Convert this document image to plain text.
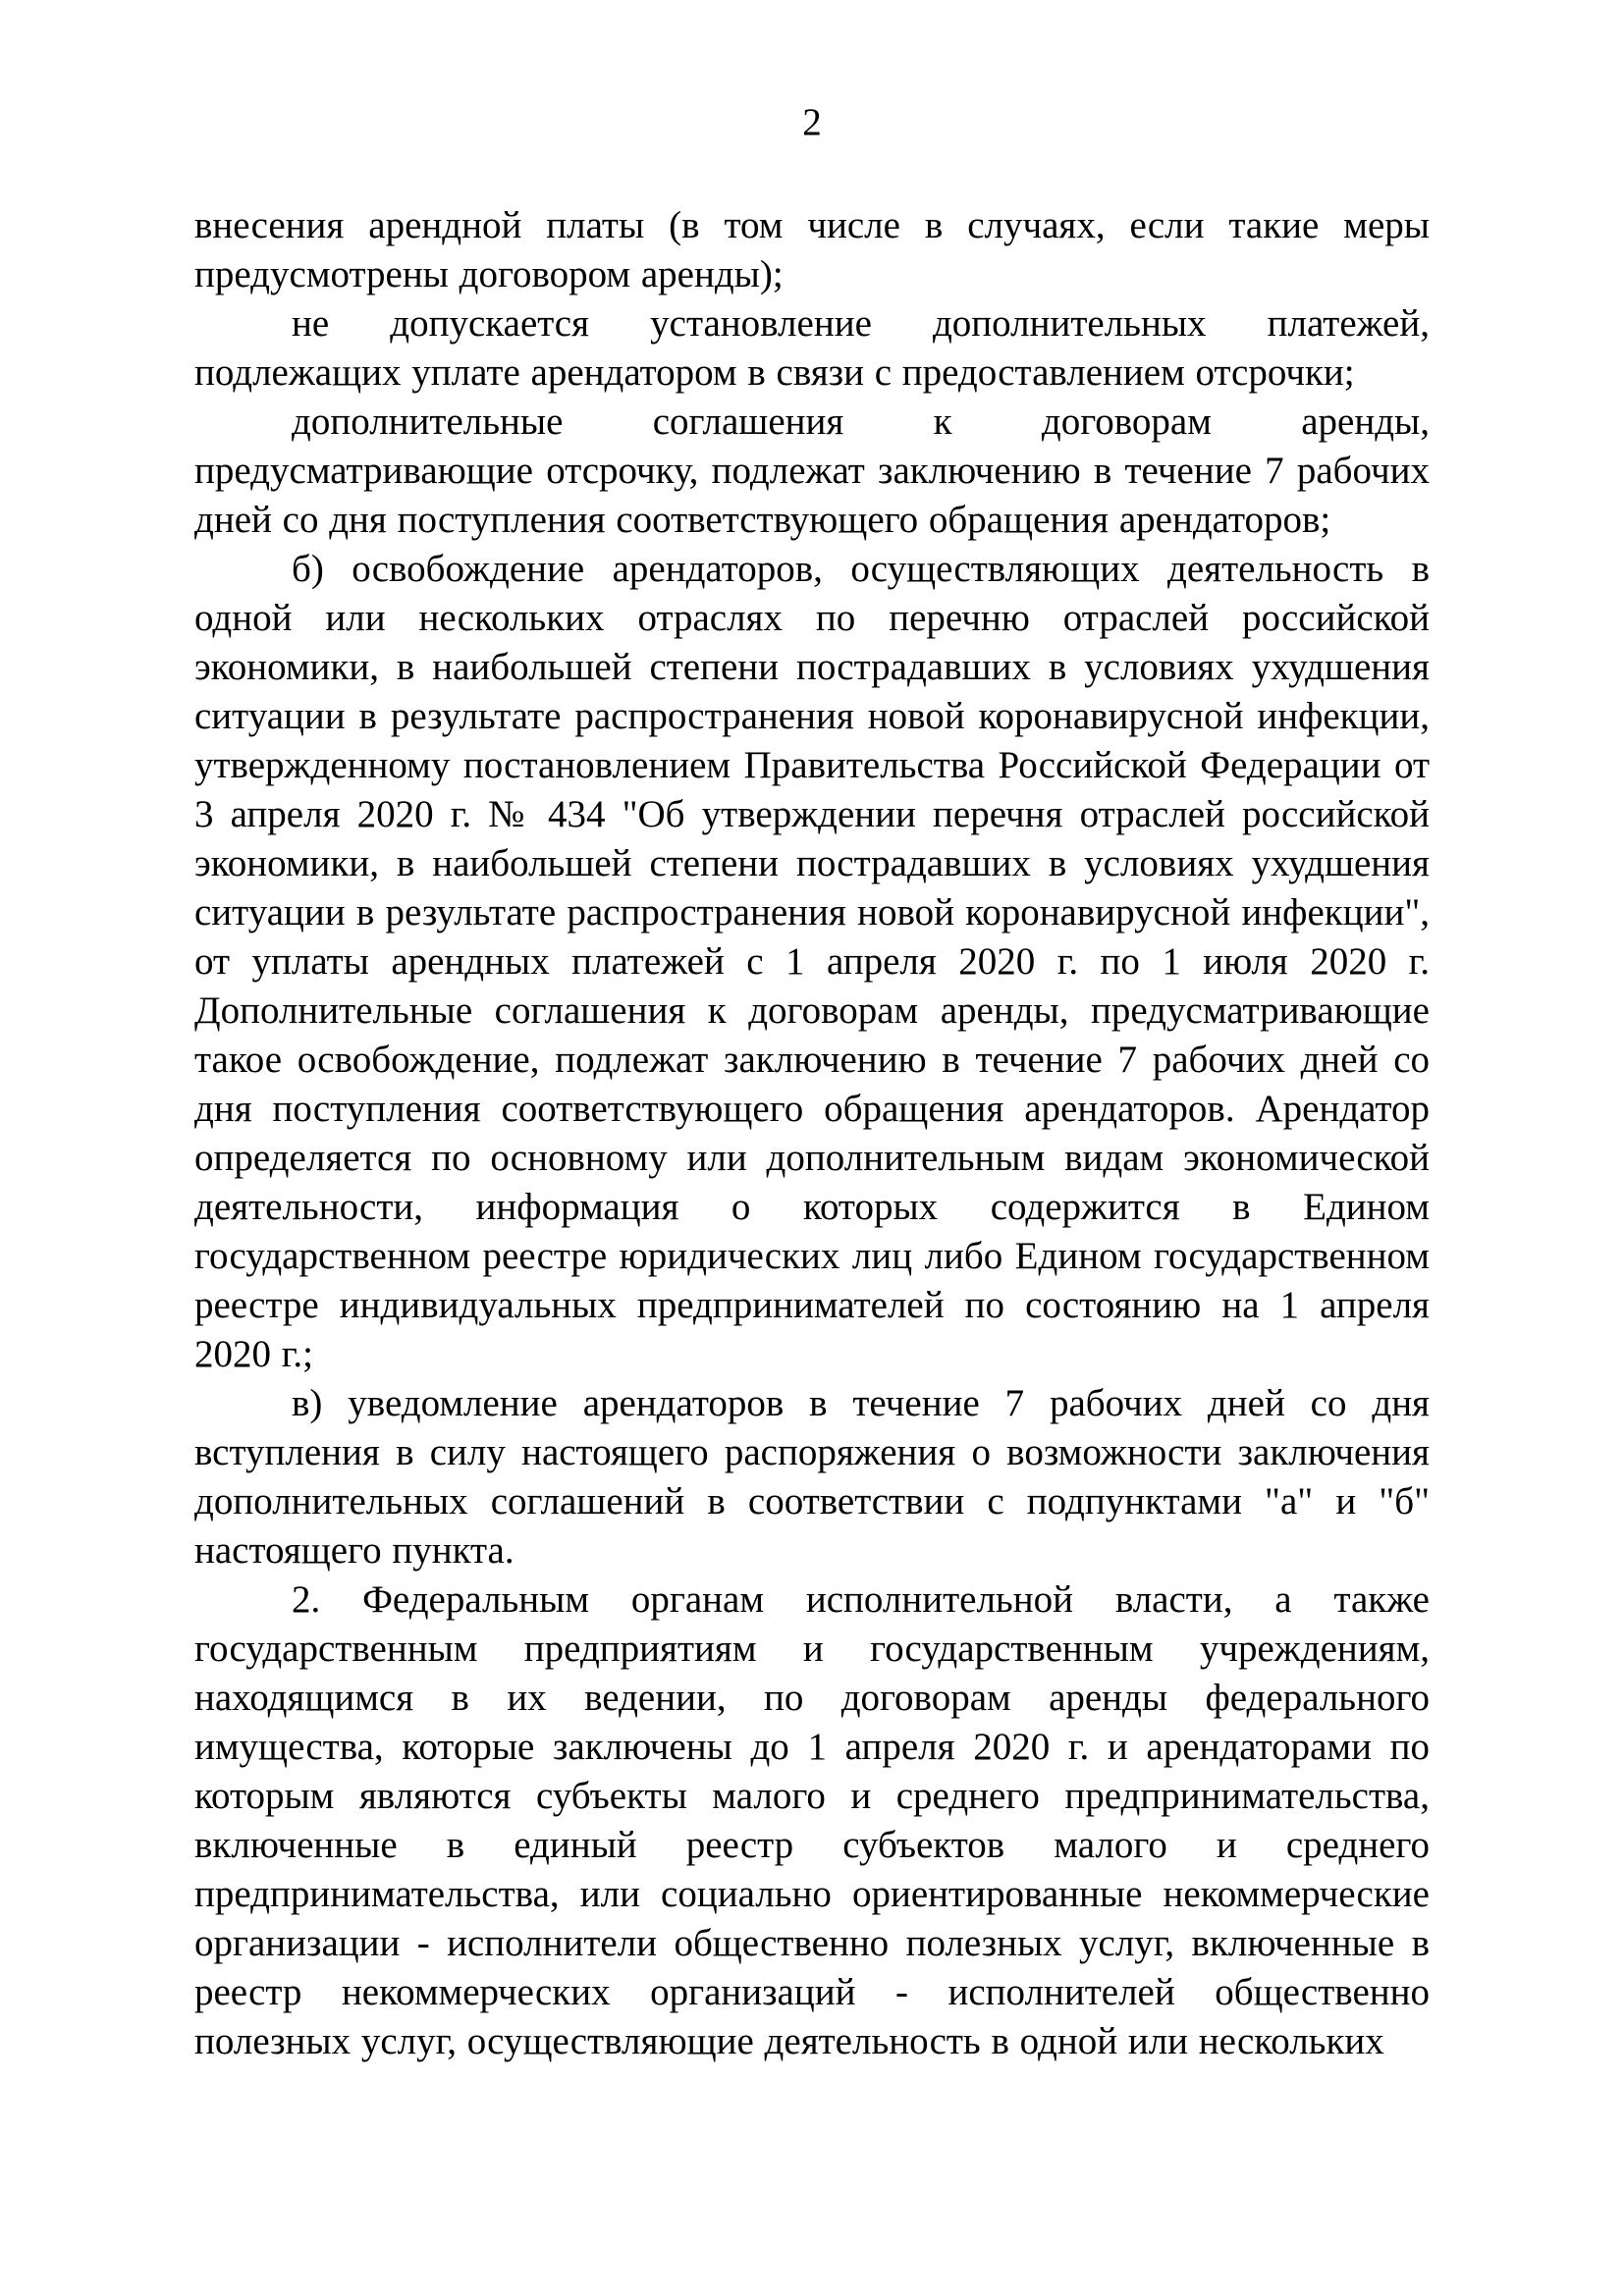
2

внесения арендной платы (в том числе в случаях, если такие меры предусмотрены договором аренды);

не допускается установление дополнительных платежей, подлежащих уплате арендатором в связи с предоставлением отсрочки;

дополнительные соглашения к договорам аренды, предусматривающие отсрочку, подлежат заключению в течение 7 рабочих дней со дня поступления соответствующего обращения арендаторов;

б) освобождение арендаторов, осуществляющих деятельность в одной или нескольких отраслях по перечню отраслей российской экономики, в наибольшей степени пострадавших в условиях ухудшения ситуации в результате распространения новой коронавирусной инфекции, утвержденному постановлением Правительства Российской Федерации от 3 апреля 2020 г. № 434 "Об утверждении перечня отраслей российской экономики, в наибольшей степени пострадавших в условиях ухудшения ситуации в результате распространения новой коронавирусной инфекции", от уплаты арендных платежей с 1 апреля 2020 г. по 1 июля 2020 г. Дополнительные соглашения к договорам аренды, предусматривающие такое освобождение, подлежат заключению в течение 7 рабочих дней со дня поступления соответствующего обращения арендаторов. Арендатор определяется по основному или дополнительным видам экономической деятельности, информация о которых содержится в Едином государственном реестре юридических лиц либо Едином государственном реестре индивидуальных предпринимателей по состоянию на 1 апреля 2020 г.;

в) уведомление арендаторов в течение 7 рабочих дней со дня вступления в силу настоящего распоряжения о возможности заключения дополнительных соглашений в соответствии с подпунктами "а" и "б" настоящего пункта.

2. Федеральным органам исполнительной власти, а также государственным предприятиям и государственным учреждениям, находящимся в их ведении, по договорам аренды федерального имущества, которые заключены до 1 апреля 2020 г. и арендаторами по которым являются субъекты малого и среднего предпринимательства, включенные в единый реестр субъектов малого и среднего предпринимательства, или социально ориентированные некоммерческие организации - исполнители общественно полезных услуг, включенные в реестр некоммерческих организаций - исполнителей общественно полезных услуг, осуществляющие деятельность в одной или нескольких
